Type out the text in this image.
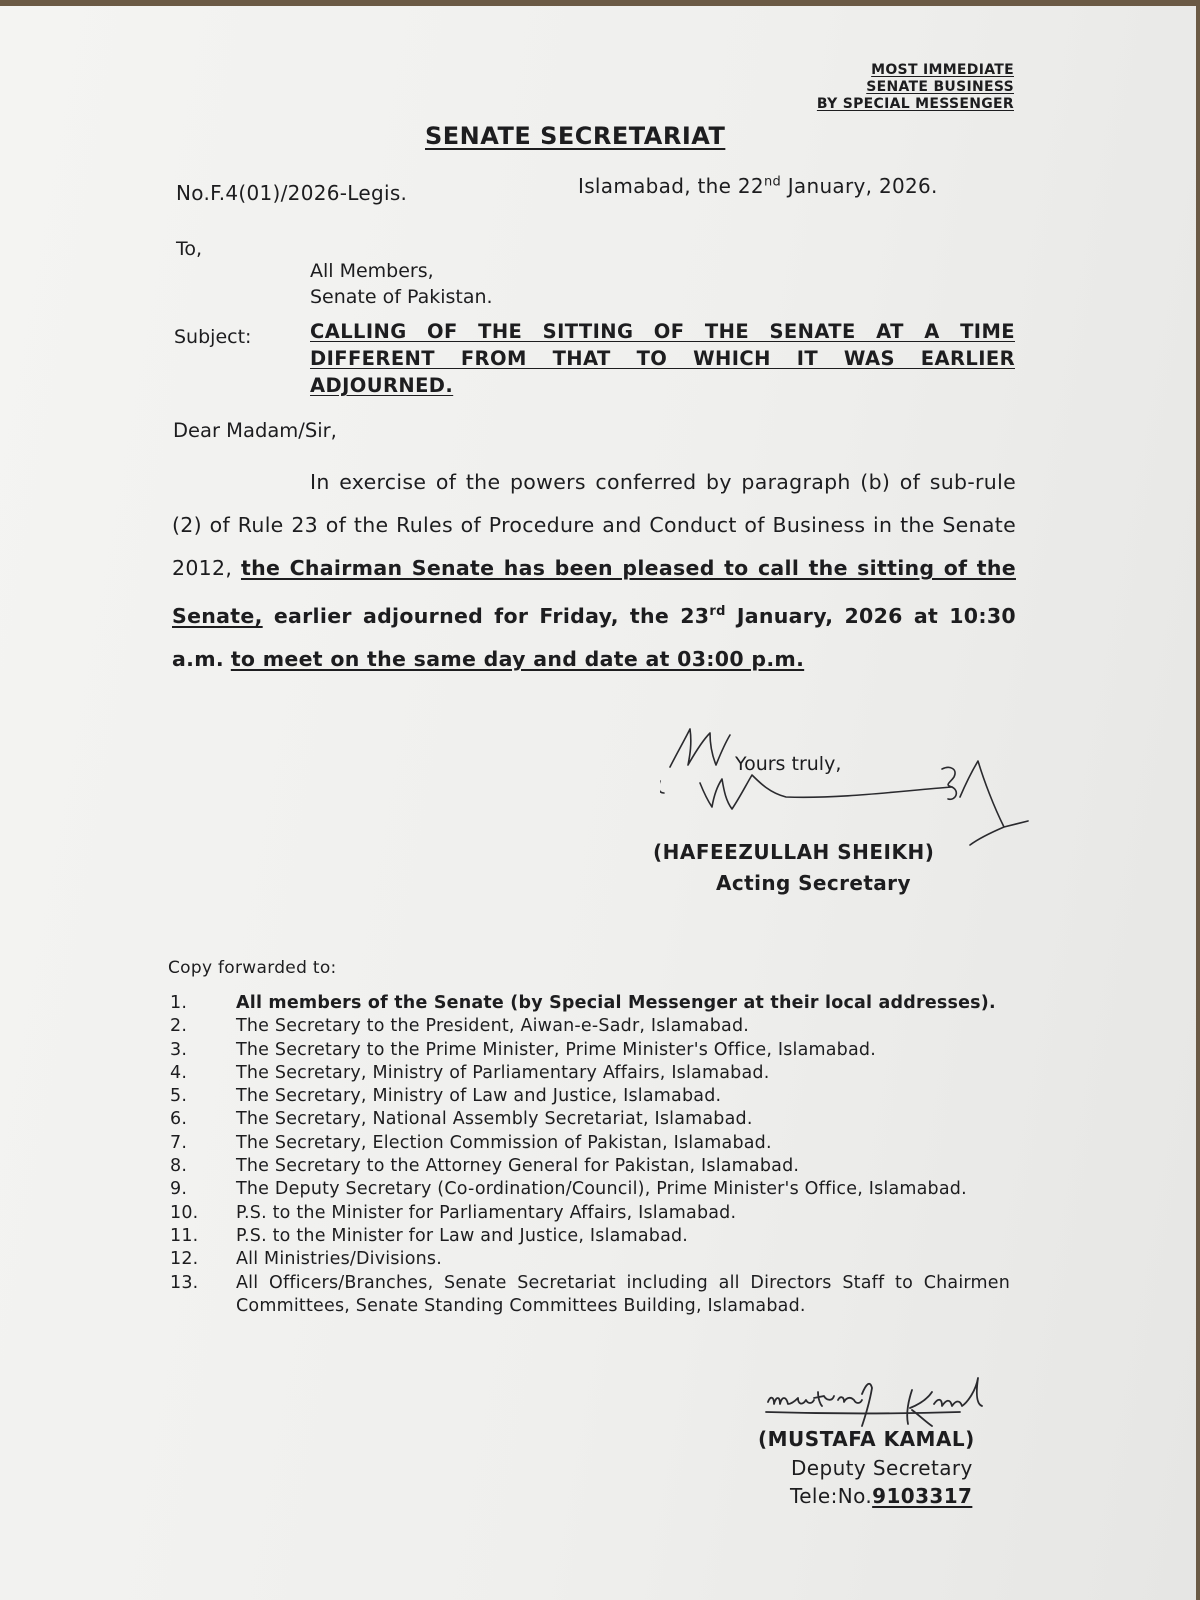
MOST IMMEDIATE
SENATE BUSINESS
BY SPECIAL MESSENGER
SENATE SECRETARIAT
No.F.4(01)/2026-Legis.	Islamabad, the 22nd January, 2026.
To,
All Members,
Senate of Pakistan.
Subject:	CALLING OF THE SITTING OF THE SENATE AT A TIME DIFFERENT FROM THAT TO WHICH IT WAS EARLIER ADJOURNED.
Dear Madam/Sir,
In exercise of the powers conferred by paragraph (b) of sub-rule (2) of Rule 23 of the Rules of Procedure and Conduct of Business in the Senate 2012, the Chairman Senate has been pleased to call the sitting of the Senate, earlier adjourned for Friday, the 23rd January, 2026 at 10:30 a.m. to meet on the same day and date at 03:00 p.m.
Yours truly,
(HAFEEZULLAH SHEIKH)
Acting Secretary
Copy forwarded to:
1.	All members of the Senate (by Special Messenger at their local addresses).
2.	The Secretary to the President, Aiwan-e-Sadr, Islamabad.
3.	The Secretary to the Prime Minister, Prime Minister's Office, Islamabad.
4.	The Secretary, Ministry of Parliamentary Affairs, Islamabad.
5.	The Secretary, Ministry of Law and Justice, Islamabad.
6.	The Secretary, National Assembly Secretariat, Islamabad.
7.	The Secretary, Election Commission of Pakistan, Islamabad.
8.	The Secretary to the Attorney General for Pakistan, Islamabad.
9.	The Deputy Secretary (Co-ordination/Council), Prime Minister's Office, Islamabad.
10.	P.S. to the Minister for Parliamentary Affairs, Islamabad.
11.	P.S. to the Minister for Law and Justice, Islamabad.
12.	All Ministries/Divisions.
13.	All Officers/Branches, Senate Secretariat including all Directors Staff to Chairmen Committees, Senate Standing Committees Building, Islamabad.
(MUSTAFA KAMAL)
Deputy Secretary
Tele:No.9103317
